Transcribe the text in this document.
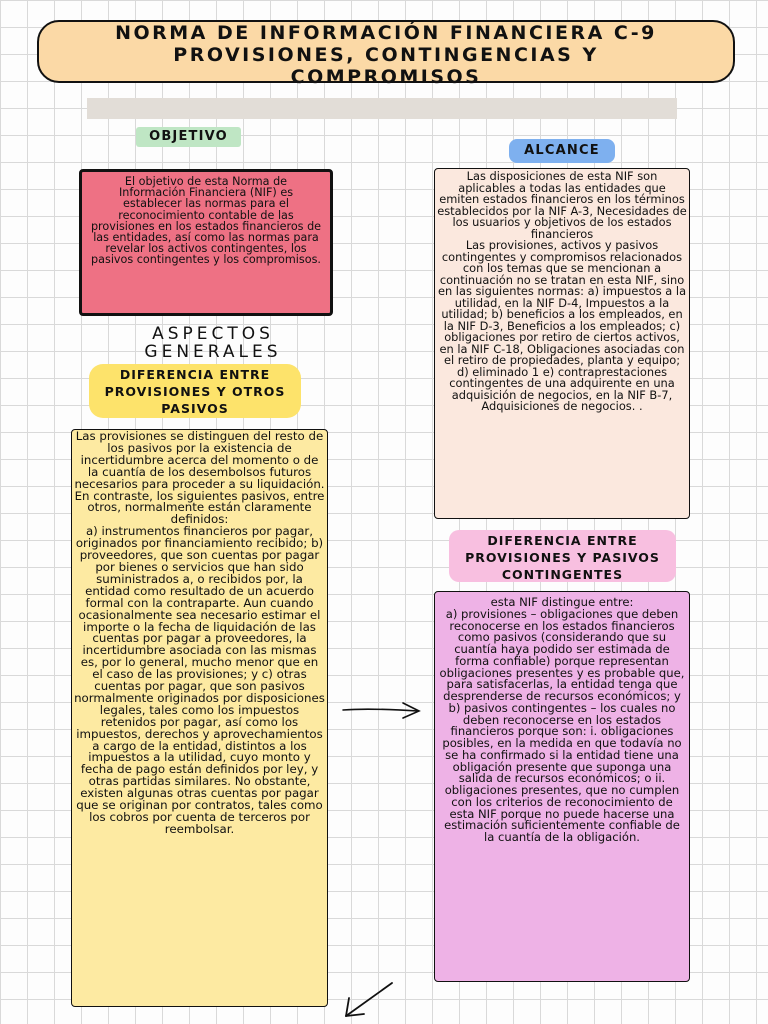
NORMA DE INFORMACIÓN FINANCIERA C-9
PROVISIONES, CONTINGENCIAS Y
COMPROMISOS
OBJETIVO
El objetivo de esta Norma de Información Financiera (NIF) es establecer las normas para el reconocimiento contable de las provisiones en los estados financieros de las entidades, así como las normas para revelar los activos contingentes, los pasivos contingentes y los compromisos.
ALCANCE
Las disposiciones de esta NIF son aplicables a todas las entidades que emiten estados financieros en los términos establecidos por la NIF A-3, Necesidades de los usuarios y objetivos de los estados financieros
Las provisiones, activos y pasivos contingentes y compromisos relacionados con los temas que se mencionan a continuación no se tratan en esta NIF, sino en las siguientes normas: a) impuestos a la utilidad, en la NIF D-4, Impuestos a la utilidad; b) beneficios a los empleados, en la NIF D-3, Beneficios a los empleados; c) obligaciones por retiro de ciertos activos, en la NIF C-18, Obligaciones asociadas con el retiro de propiedades, planta y equipo; d) eliminado 1 e) contraprestaciones contingentes de una adquirente en una adquisición de negocios, en la NIF B-7, Adquisiciones de negocios. .
ASPECTOS GENERALES
DIFERENCIA ENTRE PROVISIONES Y OTROS PASIVOS
Las provisiones se distinguen del resto de los pasivos por la existencia de incertidumbre acerca del momento o de la cuantía de los desembolsos futuros necesarios para proceder a su liquidación. En contraste, los siguientes pasivos, entre otros, normalmente están claramente definidos:
a) instrumentos financieros por pagar, originados por financiamiento recibido; b) proveedores, que son cuentas por pagar por bienes o servicios que han sido suministrados a, o recibidos por, la entidad como resultado de un acuerdo formal con la contraparte. Aun cuando ocasionalmente sea necesario estimar el importe o la fecha de liquidación de las cuentas por pagar a proveedores, la incertidumbre asociada con las mismas es, por lo general, mucho menor que en el caso de las provisiones; y c) otras cuentas por pagar, que son pasivos normalmente originados por disposiciones legales, tales como los impuestos retenidos por pagar, así como los impuestos, derechos y aprovechamientos a cargo de la entidad, distintos a los impuestos a la utilidad, cuyo monto y fecha de pago están definidos por ley, y otras partidas similares. No obstante, existen algunas otras cuentas por pagar que se originan por contratos, tales como los cobros por cuenta de terceros por reembolsar.
DIFERENCIA ENTRE PROVISIONES Y PASIVOS CONTINGENTES
esta NIF distingue entre:
a) provisiones – obligaciones que deben reconocerse en los estados financieros como pasivos (considerando que su cuantía haya podido ser estimada de forma confiable) porque representan obligaciones presentes y es probable que, para satisfacerlas, la entidad tenga que desprenderse de recursos económicos; y b) pasivos contingentes – los cuales no deben reconocerse en los estados financieros porque son: i. obligaciones posibles, en la medida en que todavía no se ha confirmado si la entidad tiene una obligación presente que suponga una salida de recursos económicos; o ii. obligaciones presentes, que no cumplen con los criterios de reconocimiento de esta NIF porque no puede hacerse una estimación suficientemente confiable de la cuantía de la obligación.
